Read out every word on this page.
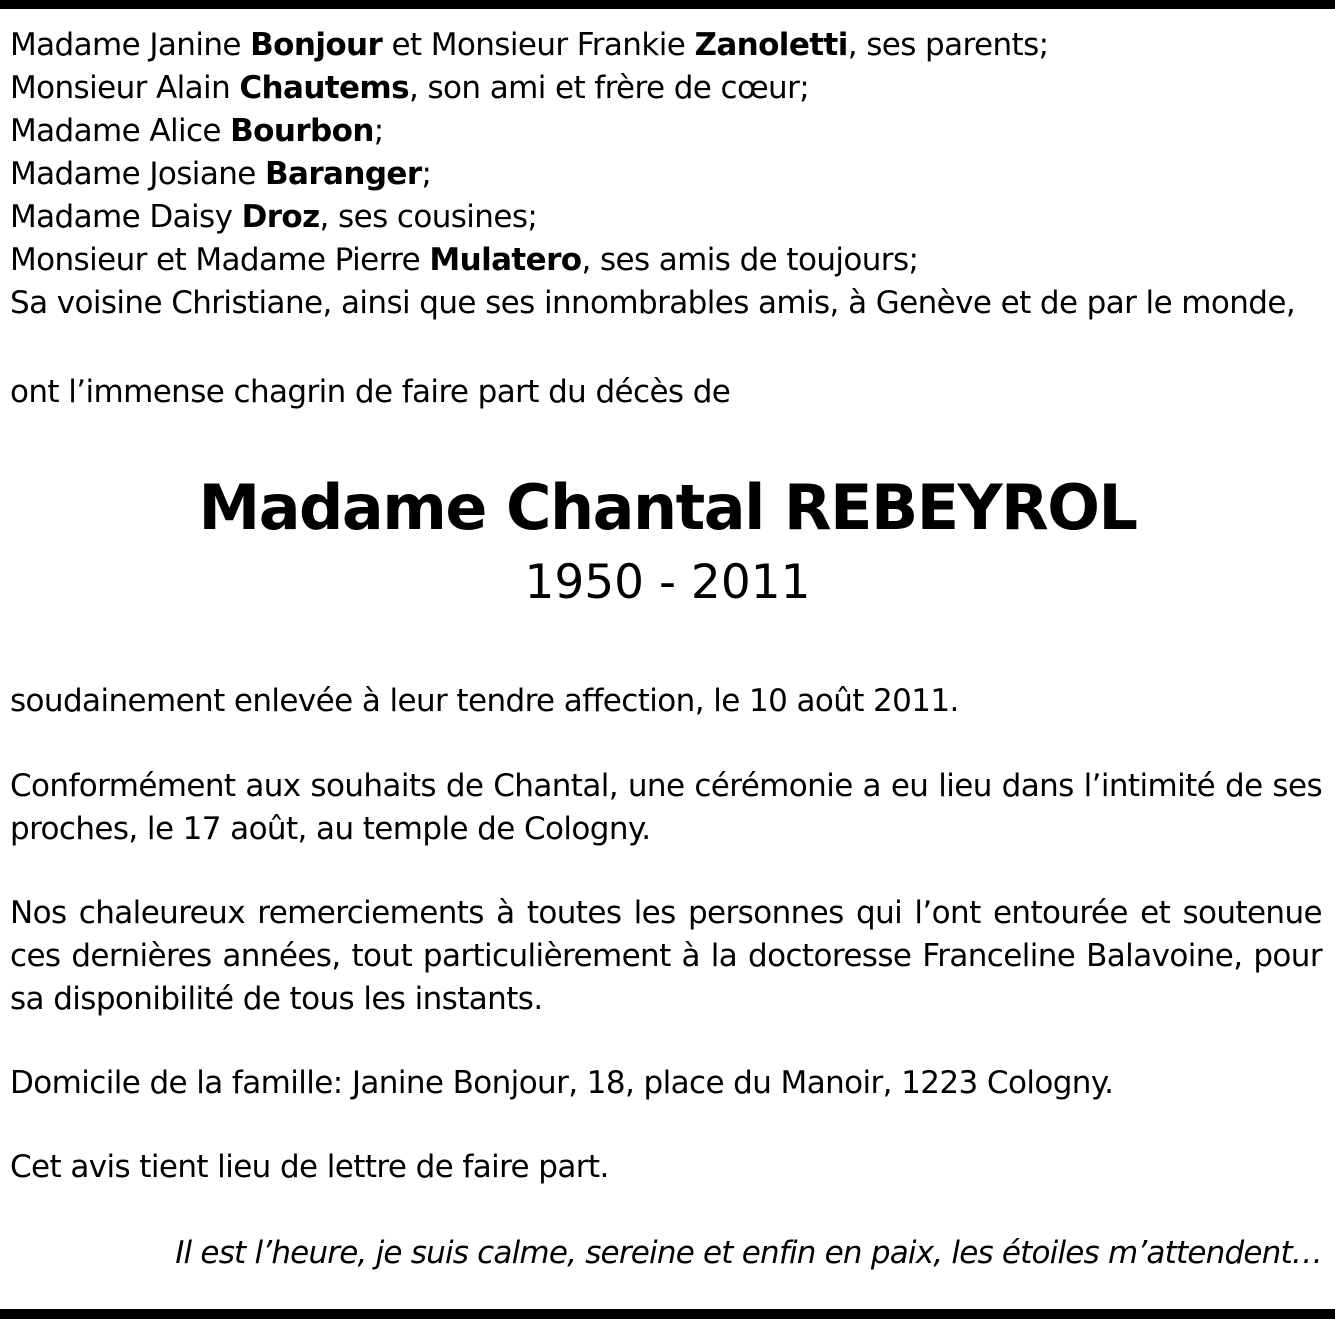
Madame Janine Bonjour et Monsieur Frankie Zanoletti, ses parents;
Monsieur Alain Chautems, son ami et frère de cœur;
Madame Alice Bourbon;
Madame Josiane Baranger;
Madame Daisy Droz, ses cousines;
Monsieur et Madame Pierre Mulatero, ses amis de toujours;
Sa voisine Christiane, ainsi que ses innombrables amis, à Genève et de par le monde,
ont l’immense chagrin de faire part du décès de
Madame Chantal REBEYROL
1950 - 2011
soudainement enlevée à leur tendre affection, le 10 août 2011.
Conformément aux souhaits de Chantal, une cérémonie a eu lieu dans l’intimité de ses proches, le 17 août, au temple de Cologny.
Nos chaleureux remerciements à toutes les personnes qui l’ont entourée et soutenue ces dernières années, tout particulièrement à la doctoresse Franceline Balavoine, pour sa disponibilité de tous les instants.
Domicile de la famille: Janine Bonjour, 18, place du Manoir, 1223 Cologny.
Cet avis tient lieu de lettre de faire part.
Il est l’heure, je suis calme, sereine et enfin en paix, les étoiles m’attendent…
